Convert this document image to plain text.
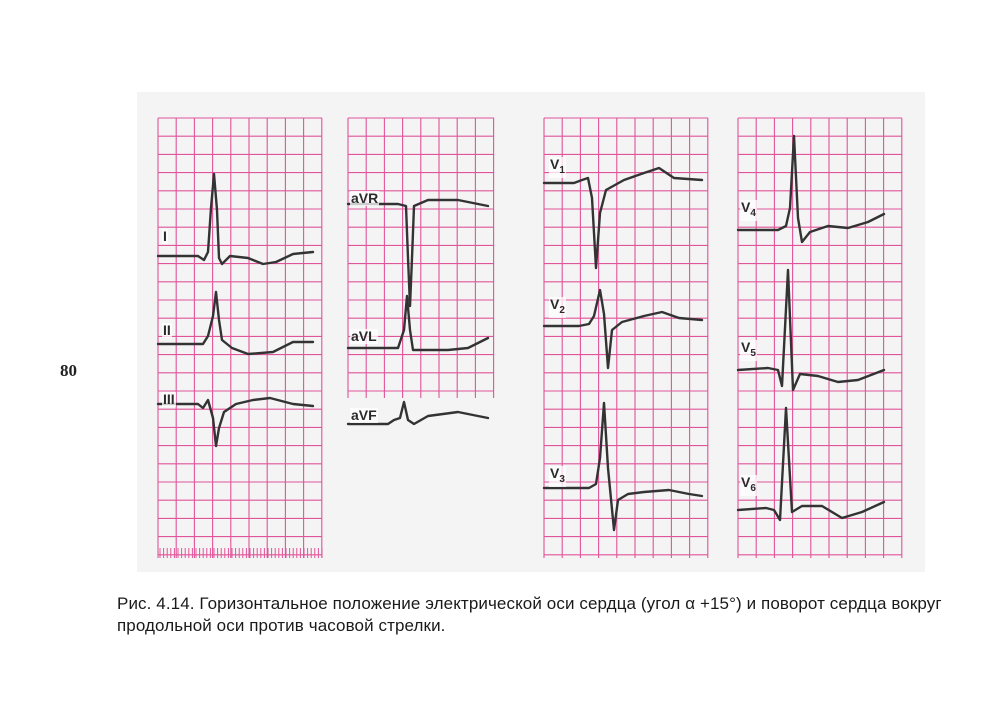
80
I
II
III
aVR
aVL
aVF
$V_1$
$V_2$
$V_3$
$V_4$
$V_5$
$V_6$
Рис. 4.14. Горизонтальное положение электрической оси сердца (угол α +15°) и поворот сердца вокруг продольной оси против часовой стрелки.
